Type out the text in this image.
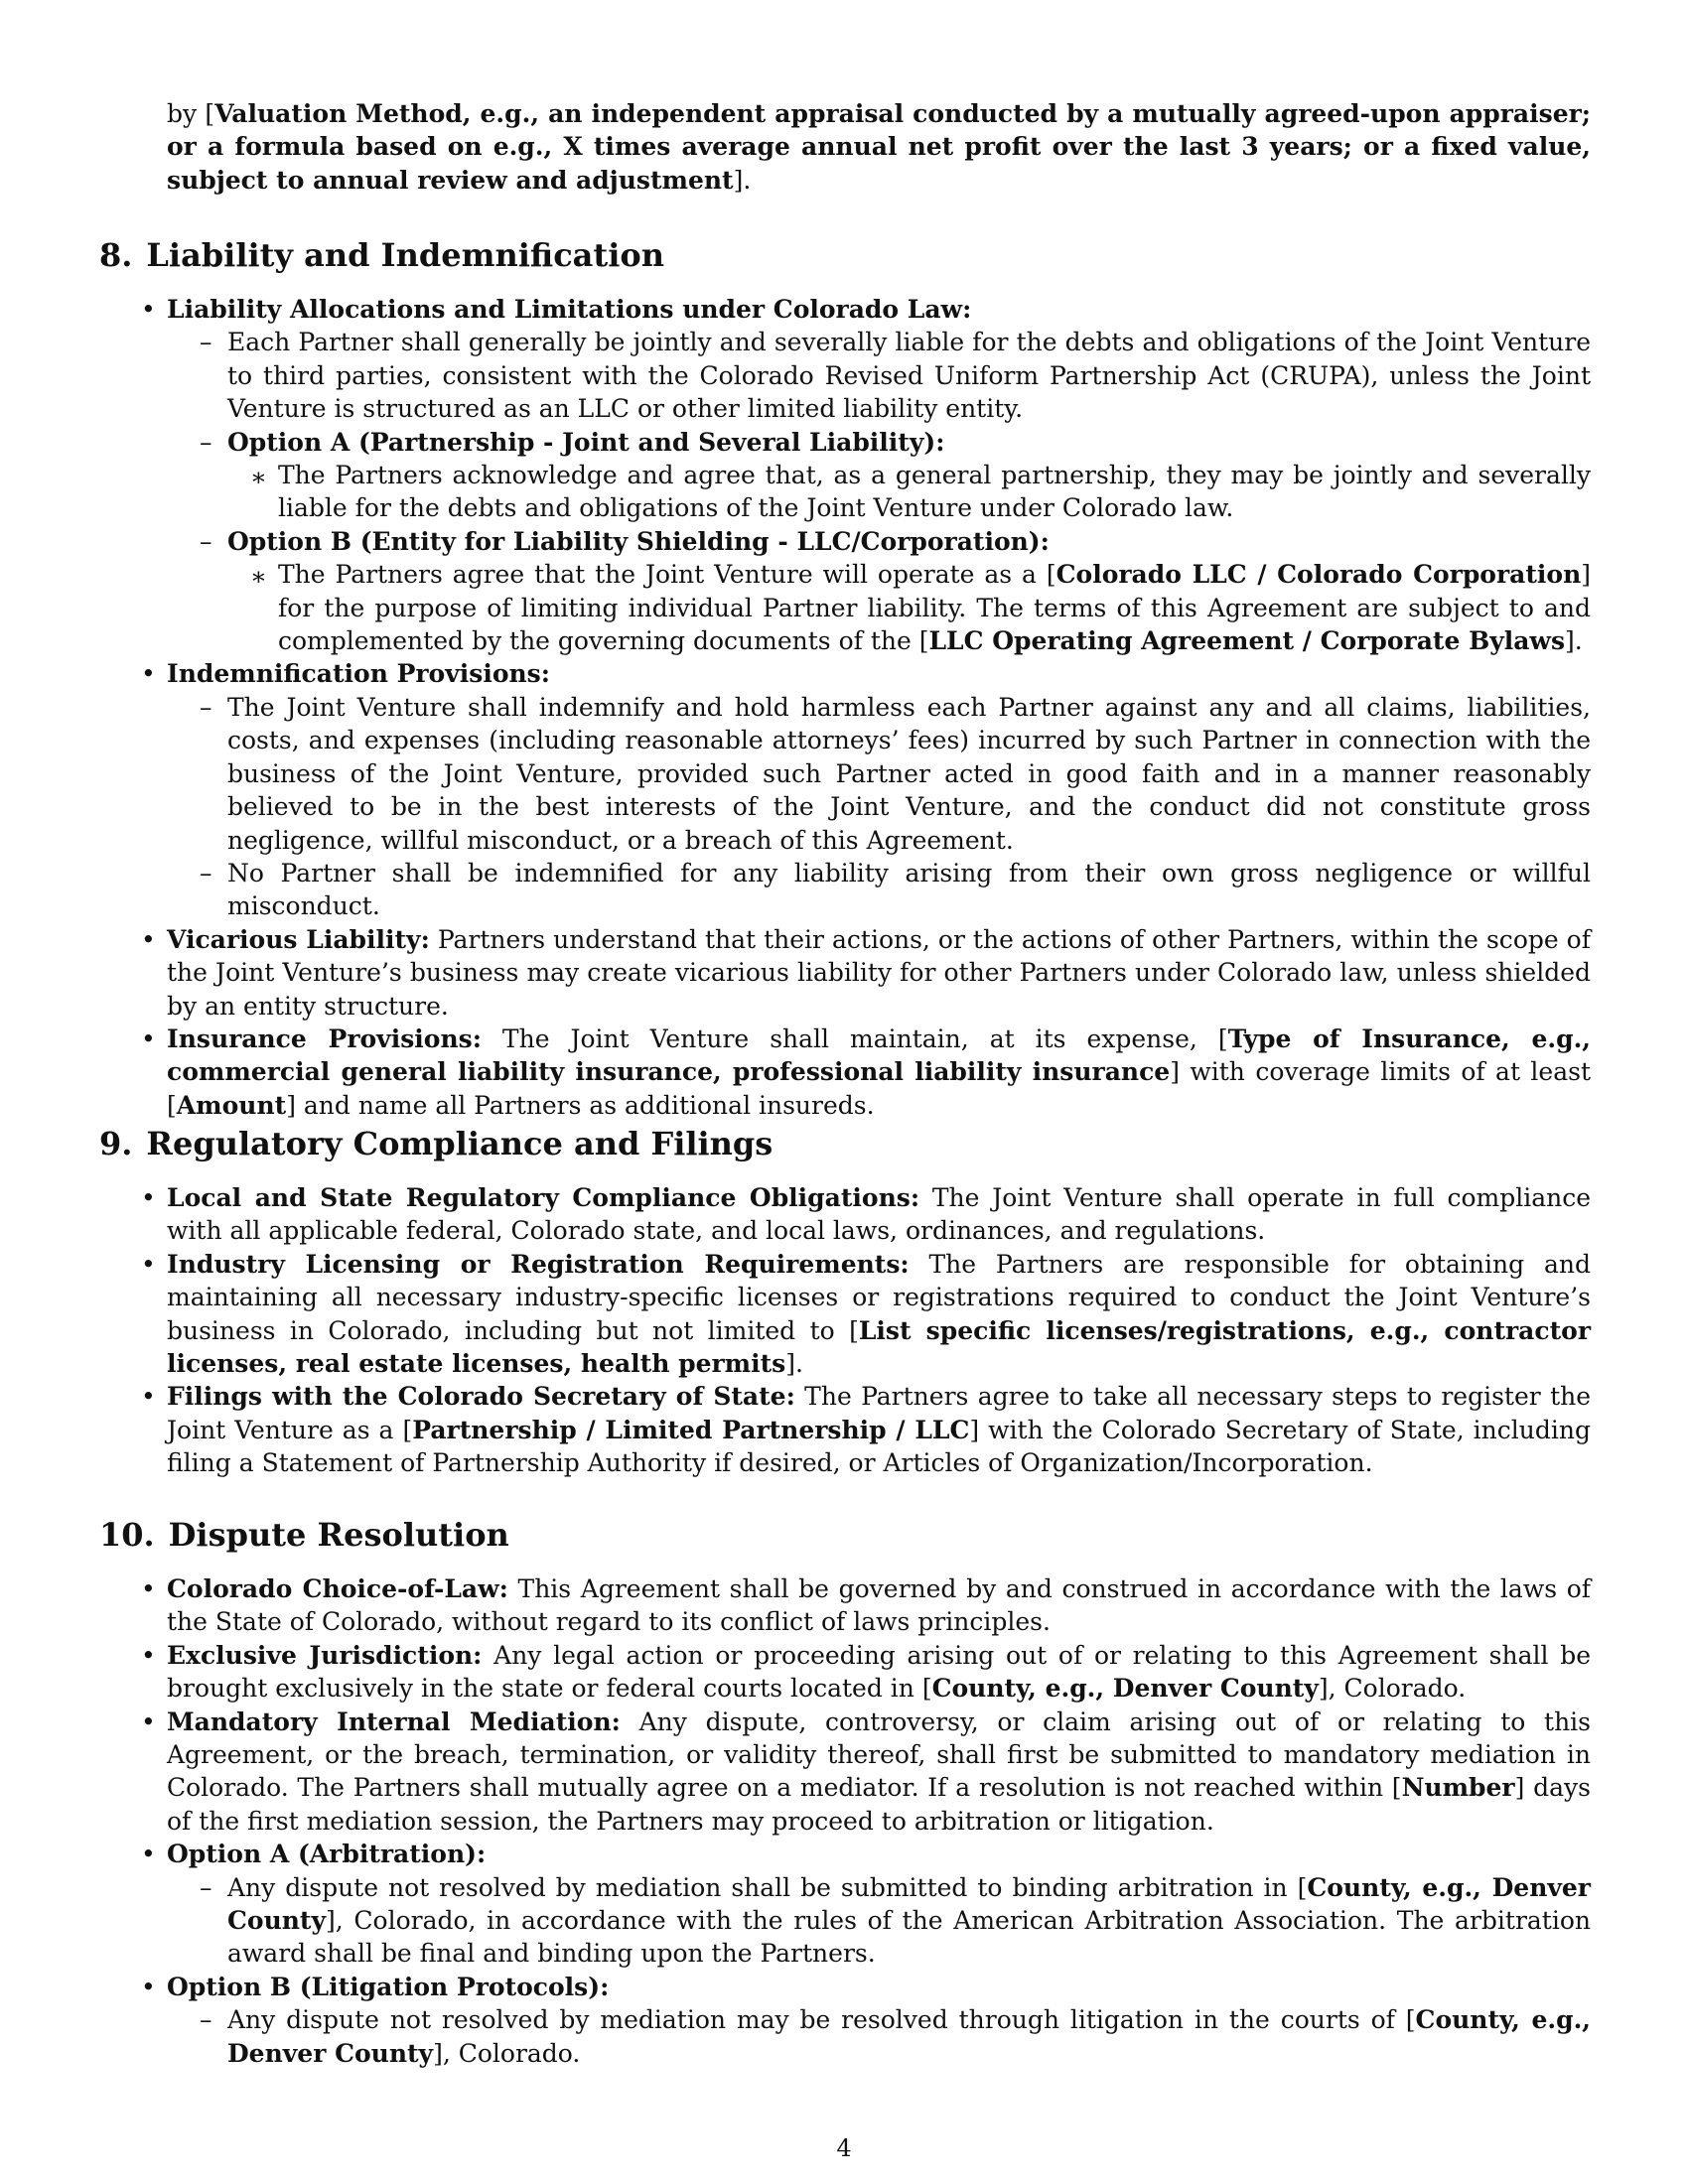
by [Valuation Method, e.g., an independent appraisal conducted by a mutually agreed-upon appraiser; or a formula based on e.g., X times average annual net profit over the last 3 years; or a fixed value, subject to annual review and adjustment].

8. Liability and Indemnification
• Liability Allocations and Limitations under Colorado Law:
– Each Partner shall generally be jointly and severally liable for the debts and obligations of the Joint Venture to third parties, consistent with the Colorado Revised Uniform Partnership Act (CRUPA), unless the Joint Venture is structured as an LLC or other limited liability entity.
– Option A (Partnership - Joint and Several Liability):
∗ The Partners acknowledge and agree that, as a general partnership, they may be jointly and severally liable for the debts and obligations of the Joint Venture under Colorado law.
– Option B (Entity for Liability Shielding - LLC/Corporation):
∗ The Partners agree that the Joint Venture will operate as a [Colorado LLC / Colorado Corporation] for the purpose of limiting individual Partner liability. The terms of this Agreement are subject to and complemented by the governing documents of the [LLC Operating Agreement / Corporate Bylaws].
• Indemnification Provisions:
– The Joint Venture shall indemnify and hold harmless each Partner against any and all claims, liabilities, costs, and expenses (including reasonable attorneys’ fees) incurred by such Partner in connection with the business of the Joint Venture, provided such Partner acted in good faith and in a manner reasonably believed to be in the best interests of the Joint Venture, and the conduct did not constitute gross negligence, willful misconduct, or a breach of this Agreement.
– No Partner shall be indemnified for any liability arising from their own gross negligence or willful misconduct.
• Vicarious Liability: Partners understand that their actions, or the actions of other Partners, within the scope of the Joint Venture’s business may create vicarious liability for other Partners under Colorado law, unless shielded by an entity structure.
• Insurance Provisions: The Joint Venture shall maintain, at its expense, [Type of Insurance, e.g., commercial general liability insurance, professional liability insurance] with coverage limits of at least [Amount] and name all Partners as additional insureds.
9. Regulatory Compliance and Filings
• Local and State Regulatory Compliance Obligations: The Joint Venture shall operate in full compliance with all applicable federal, Colorado state, and local laws, ordinances, and regulations.
• Industry Licensing or Registration Requirements: The Partners are responsible for obtaining and maintaining all necessary industry-specific licenses or registrations required to conduct the Joint Venture’s business in Colorado, including but not limited to [List specific licenses/registrations, e.g., contractor licenses, real estate licenses, health permits].
• Filings with the Colorado Secretary of State: The Partners agree to take all necessary steps to register the Joint Venture as a [Partnership / Limited Partnership / LLC] with the Colorado Secretary of State, including filing a Statement of Partnership Authority if desired, or Articles of Organization/Incorporation.
10. Dispute Resolution
• Colorado Choice-of-Law: This Agreement shall be governed by and construed in accordance with the laws of the State of Colorado, without regard to its conflict of laws principles.
• Exclusive Jurisdiction: Any legal action or proceeding arising out of or relating to this Agreement shall be brought exclusively in the state or federal courts located in [County, e.g., Denver County], Colorado.
• Mandatory Internal Mediation: Any dispute, controversy, or claim arising out of or relating to this Agreement, or the breach, termination, or validity thereof, shall first be submitted to mandatory mediation in Colorado. The Partners shall mutually agree on a mediator. If a resolution is not reached within [Number] days of the first mediation session, the Partners may proceed to arbitration or litigation.
• Option A (Arbitration):
– Any dispute not resolved by mediation shall be submitted to binding arbitration in [County, e.g., Denver County], Colorado, in accordance with the rules of the American Arbitration Association. The arbitration award shall be final and binding upon the Partners.
• Option B (Litigation Protocols):
– Any dispute not resolved by mediation may be resolved through litigation in the courts of [County, e.g., Denver County], Colorado.
4
